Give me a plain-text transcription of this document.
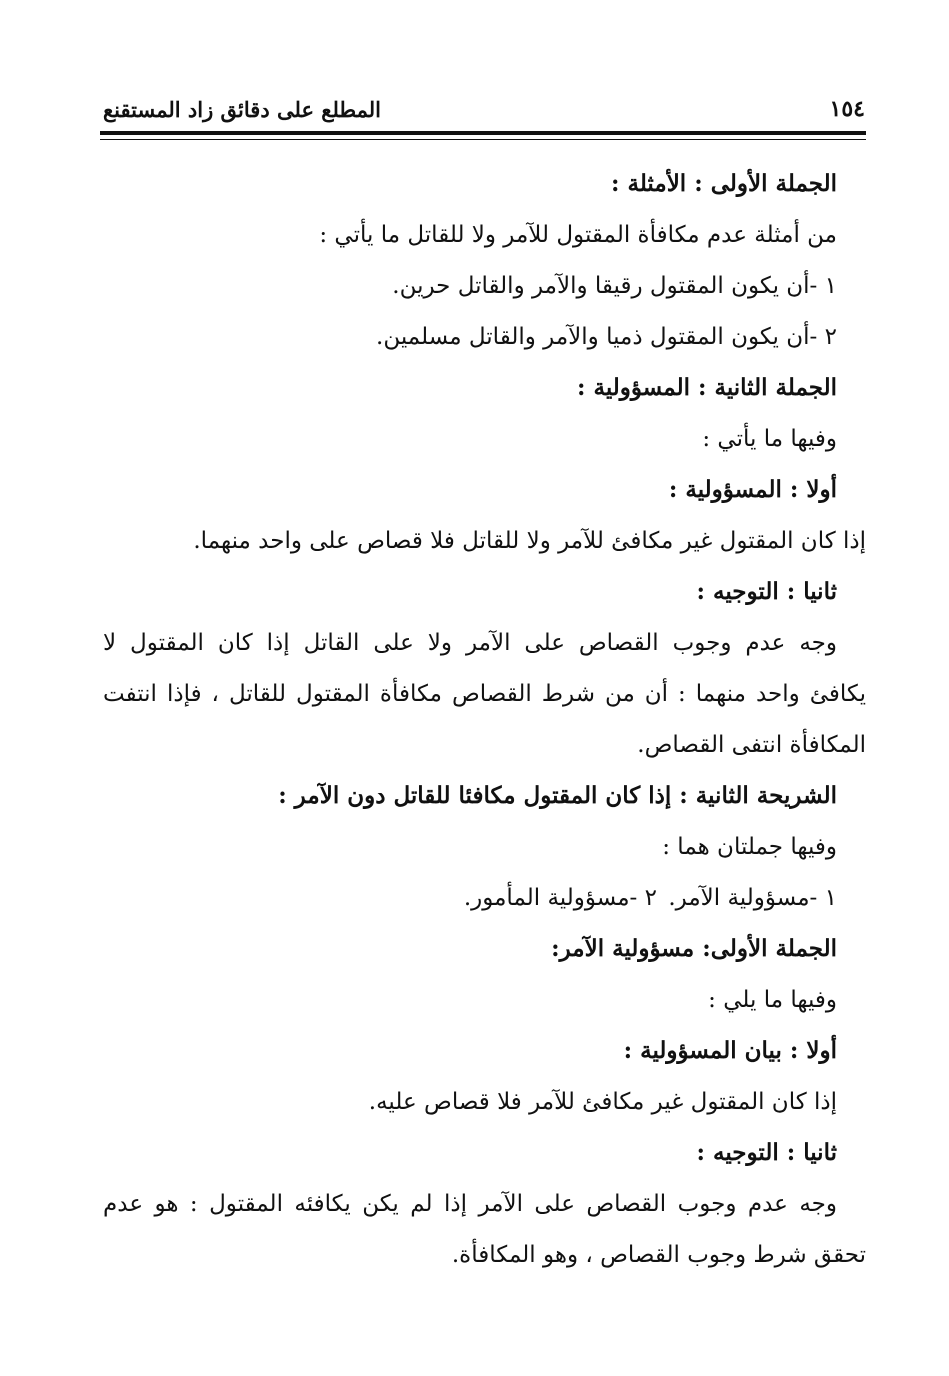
١٥٤
المطلع على دقائق زاد المستقنع
الجملة الأولى : الأمثلة :
من أمثلة عدم مكافأة المقتول للآمر ولا للقاتل ما يأتي :
١ -أن يكون المقتول رقيقا والآمر والقاتل حرين.
٢ -أن يكون المقتول ذميا والآمر والقاتل مسلمين.
الجملة الثانية : المسؤولية :
وفيها ما يأتي :
أولا : المسؤولية :
إذا كان المقتول غير مكافئ للآمر ولا للقاتل فلا قصاص على واحد منهما.
ثانيا : التوجيه :
وجه عدم وجوب القصاص على الآمر ولا على القاتل إذا كان المقتول لا
يكافئ واحد منهما : أن من شرط القصاص مكافأة المقتول للقاتل ، فإذا انتفت
المكافأة انتفى القصاص.
الشريحة الثانية : إذا كان المقتول مكافئا للقاتل دون الآمر :
وفيها جملتان هما :
١ -مسؤولية الآمر.
٢ -مسؤولية المأمور.
الجملة الأولى: مسؤولية الآمر:
وفيها ما يلي :
أولا : بيان المسؤولية :
إذا كان المقتول غير مكافئ للآمر فلا قصاص عليه.
ثانيا : التوجيه :
وجه عدم وجوب القصاص على الآمر إذا لم يكن يكافئه المقتول : هو عدم
تحقق شرط وجوب القصاص ، وهو المكافأة.
